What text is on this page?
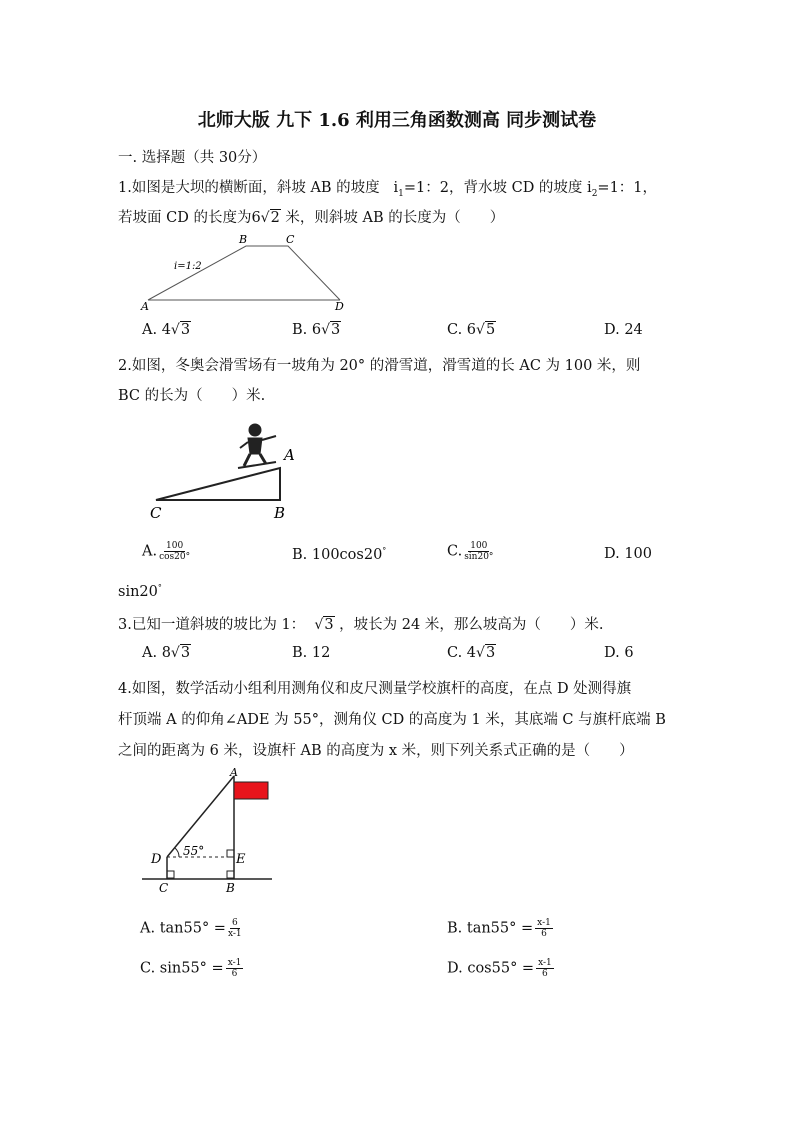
北师大版 九下 1.6 利用三角函数测高 同步测试卷
一. 选择题（共 30分）
1.如图是大坝的横断面，斜坡 AB 的坡度 $i_1=1$：2，背水坡 CD 的坡度 $i_2=1$：1，
若坡面 CD 的长度为6√2 米，则斜坡 AB 的长度为（　　）
A
B	C
D
i=1:2
A. 4√3	B. 6√3	C. 6√5	D. 24
2.如图，冬奥会滑雪场有一坡角为 20° 的滑雪道，滑雪道的长 AC 为 100 米，则
BC 的长为（　　）米.
A
C	B
A. $\frac{100}{\cos 20^\circ}$	B. 100cos20°	C. $\frac{100}{\sin 20^\circ}$	D. 100
sin20°
3.已知一道斜坡的坡比为 1： √3 ，坡长为 24 米，那么坡高为（　　）米.
A. 8√3	B. 12	C. 4√3	D. 6
4.如图，数学活动小组利用测角仪和皮尺测量学校旗杆的高度，在点 D 处测得旗
杆顶端 A 的仰角∠ADE 为 55°，测角仪 CD 的高度为 1 米，其底端 C 与旗杆底端 B
之间的距离为 6 米，设旗杆 AB 的高度为 x 米，则下列关系式正确的是（　　）
A
D	E
C	B
55°
A. $\tan 55^\circ = \frac{6}{x-1}$	B. $\tan 55^\circ = \frac{x-1}{6}$
C. $\sin 55^\circ = \frac{x-1}{6}$	D. $\cos 55^\circ = \frac{x-1}{6}$
